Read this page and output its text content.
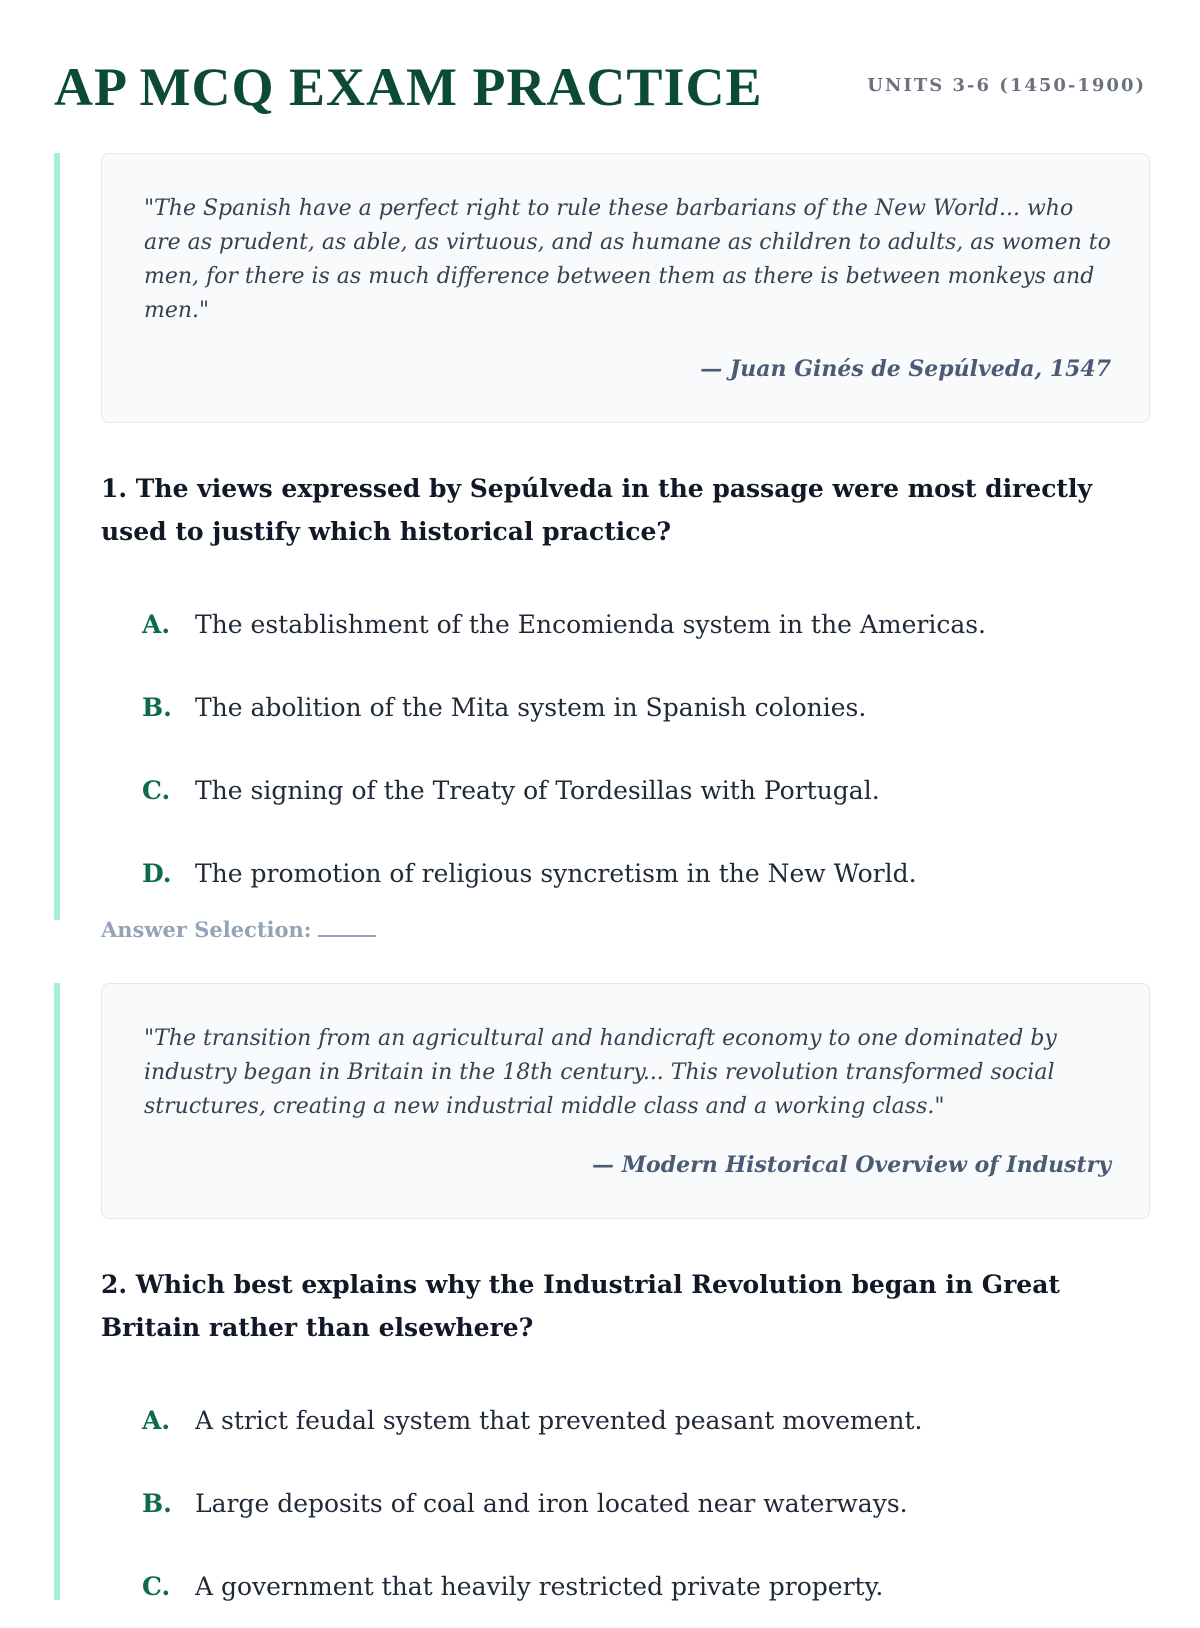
AP MCQ EXAM PRACTICE	UNITS 3-6 (1450-1900)

"The Spanish have a perfect right to rule these barbarians of the New World... who are as prudent, as able, as virtuous, and as humane as children to adults, as women to men, for there is as much difference between them as there is between monkeys and men."

— Juan Ginés de Sepúlveda, 1547
1. The views expressed by Sepúlveda in the passage were most directly used to justify which historical practice?
A. The establishment of the Encomienda system in the Americas.
B. The abolition of the Mita system in Spanish colonies.
C. The signing of the Treaty of Tordesillas with Portugal.
D. The promotion of religious syncretism in the New World.
Answer Selection:

"The transition from an agricultural and handicraft economy to one dominated by industry began in Britain in the 18th century... This revolution transformed social structures, creating a new industrial middle class and a working class."

— Modern Historical Overview of Industry
2. Which best explains why the Industrial Revolution began in Great Britain rather than elsewhere?
A. A strict feudal system that prevented peasant movement.
B. Large deposits of coal and iron located near waterways.
C. A government that heavily restricted private property.
